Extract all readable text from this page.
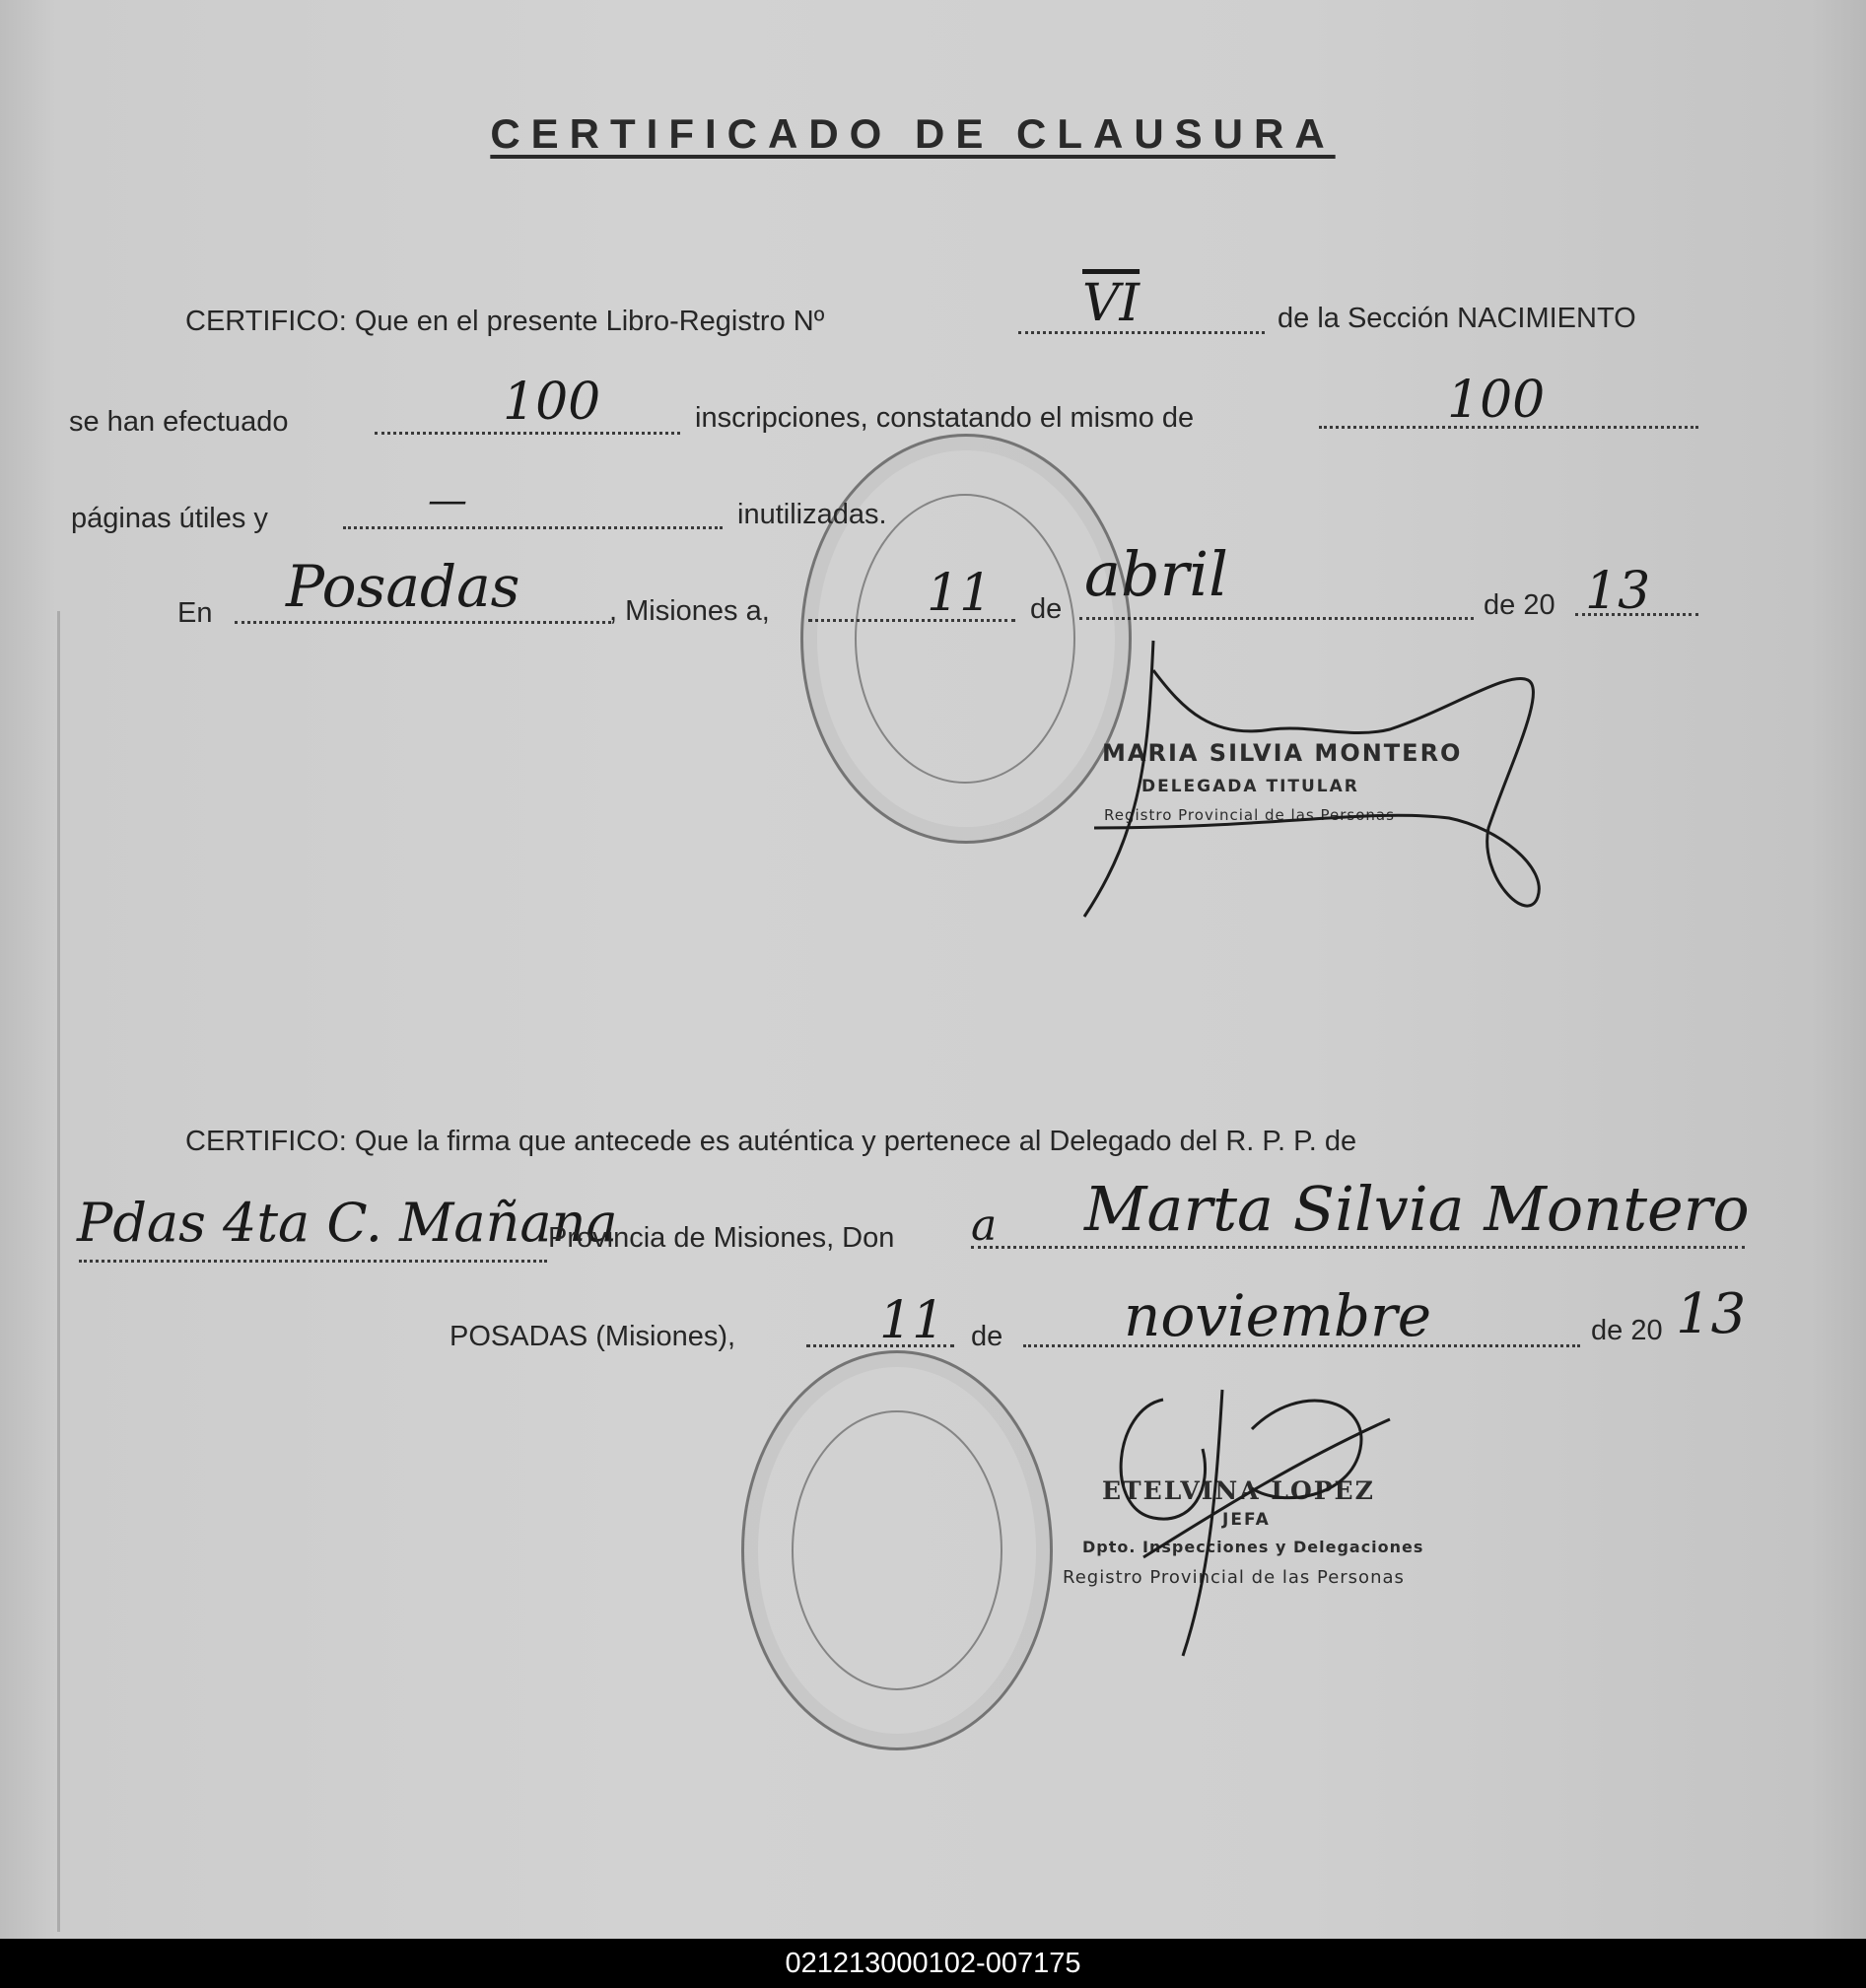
CERTIFICADO DE CLAUSURA
CERTIFICO: Que en el presente Libro-Registro Nº	$\overline{VI}$	de la Sección NACIMIENTO
se han efectuado	100	inscripciones, constatando el mismo de	100
páginas útiles y	—	inutilizadas.
En Posadas	, Misiones a,	11 de abril	de 20 13
MARIA SILVIA MONTERO
DELEGADA TITULAR
Registro Provincial de las Personas
CERTIFICO: Que la firma que antecede es auténtica y pertenece al Delegado del R. P. P. de
Pdas 4ta C. Mañana
Provincia de Misiones, Don a Marta Silvia Montero
POSADAS (Misiones),	11 de noviembre	de 20 13
ETELVINA LOPEZ
JEFA
Dpto. Inspecciones y Delegaciones
Registro Provincial de las Personas
021213000102-007175
